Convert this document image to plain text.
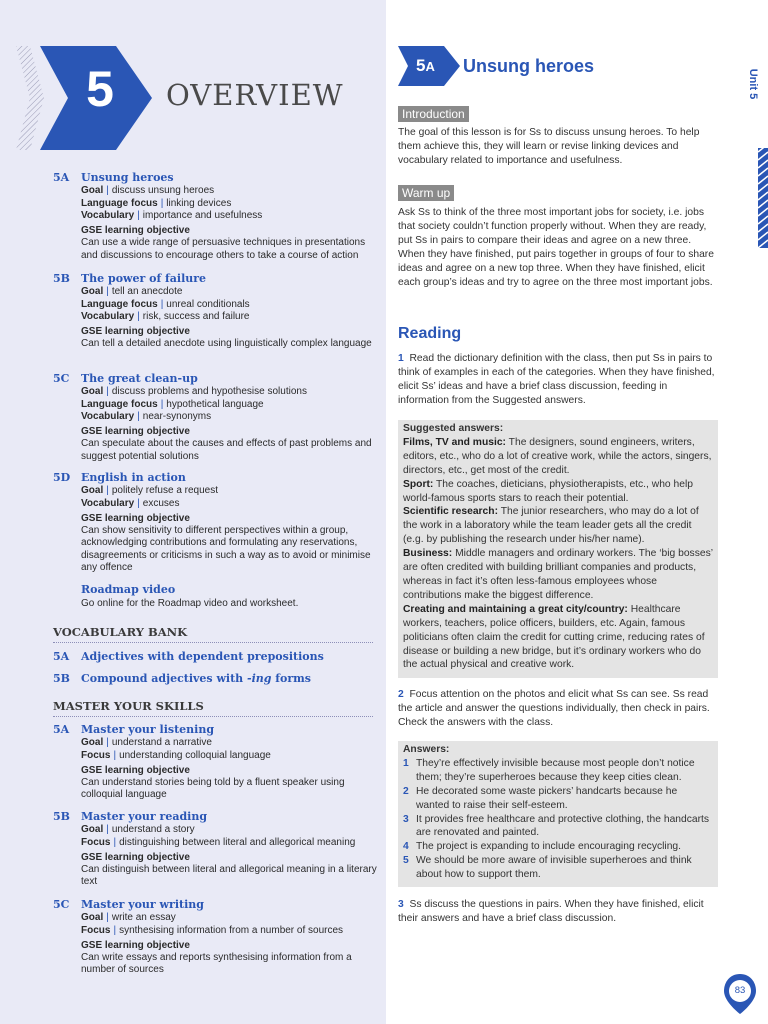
5	OVERVIEW
5A Unsung heroes
Goal | discuss unsung heroes
Language focus | linking devices
Vocabulary | importance and usefulness
GSE learning objective
Can use a wide range of persuasive techniques in presentations and discussions to encourage others to take a course of action
5B The power of failure
Goal | tell an anecdote
Language focus | unreal conditionals
Vocabulary | risk, success and failure
GSE learning objective
Can tell a detailed anecdote using linguistically complex language
5C The great clean-up
Goal | discuss problems and hypothesise solutions
Language focus | hypothetical language
Vocabulary | near-synonyms
GSE learning objective
Can speculate about the causes and effects of past problems and suggest potential solutions
5D English in action
Goal | politely refuse a request
Vocabulary | excuses
GSE learning objective
Can show sensitivity to different perspectives within a group, acknowledging contributions and formulating any reservations, disagreements or criticisms in such a way as to avoid or minimise any offence
Roadmap video
Go online for the Roadmap video and worksheet.
VOCABULARY BANK
5A Adjectives with dependent prepositions
5B Compound adjectives with -ing forms
MASTER YOUR SKILLS
5A Master your listening
Goal | understand a narrative
Focus | understanding colloquial language
GSE learning objective
Can understand stories being told by a fluent speaker using colloquial language
5B Master your reading
Goal | understand a story
Focus | distinguishing between literal and allegorical meaning
GSE learning objective
Can distinguish between literal and allegorical meaning in a literary text
5C Master your writing
Goal | write an essay
Focus | synthesising information from a number of sources
GSE learning objective
Can write essays and reports synthesising information from a number of sources
5A Unsung heroes
Introduction
The goal of this lesson is for Ss to discuss unsung heroes. To help them achieve this, they will learn or revise linking devices and vocabulary related to importance and usefulness.
Warm up
Ask Ss to think of the three most important jobs for society, i.e. jobs that society couldn’t function properly without. When they are ready, put Ss in pairs to compare their ideas and agree on a new three. When they have finished, put pairs together in groups of four to share ideas and agree on a new top three. When they have finished, elicit each group’s ideas and try to agree on the three most important jobs.
Reading
1 Read the dictionary definition with the class, then put Ss in pairs to think of examples in each of the categories. When they have finished, elicit Ss’ ideas and have a brief class discussion, feeding in information from the Suggested answers.
Suggested answers:
Films, TV and music: The designers, sound engineers, writers, editors, etc., who do a lot of creative work, while the actors, singers, directors, etc., get most of the credit.
Sport: The coaches, dieticians, physiotherapists, etc., who help world-famous sports stars to reach their potential.
Scientific research: The junior researchers, who may do a lot of the work in a laboratory while the team leader gets all the credit (e.g. by publishing the research under his/her name).
Business: Middle managers and ordinary workers. The ‘big bosses’ are often credited with building brilliant companies and products, whereas in fact it’s often less-famous employees whose contributions make the biggest difference.
Creating and maintaining a great city/country: Healthcare workers, teachers, police officers, builders, etc. Again, famous politicians often claim the credit for cutting crime, reducing rates of disease or building a new bridge, but it’s ordinary workers who do the actual physical and creative work.
2 Focus attention on the photos and elicit what Ss can see. Ss read the article and answer the questions individually, then check in pairs. Check the answers with the class.
Answers:
1 They’re effectively invisible because most people don’t notice them; they’re superheroes because they keep cities clean.
2 He decorated some waste pickers’ handcarts because he wanted to raise their self-esteem.
3 It provides free healthcare and protective clothing, the handcarts are renovated and painted.
4 The project is expanding to include encouraging recycling.
5 We should be more aware of invisible superheroes and think about how to support them.
3 Ss discuss the questions in pairs. When they have finished, elicit their answers and have a brief class discussion.
Unit 5
83
